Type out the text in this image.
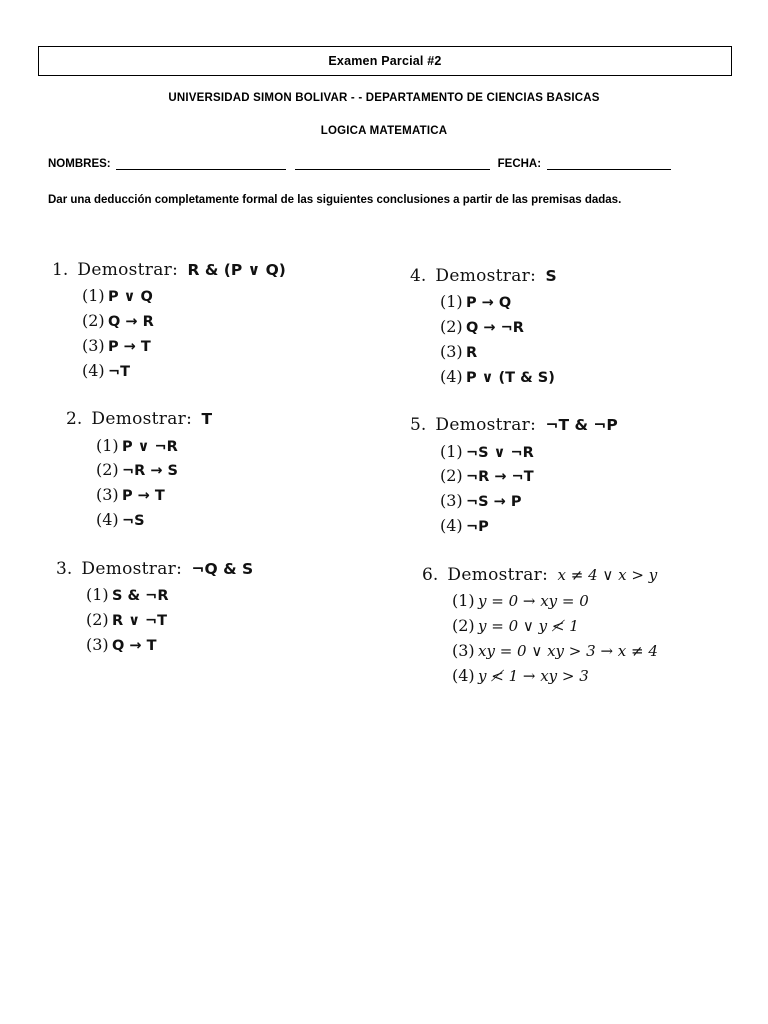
Examen Parcial #2
UNIVERSIDAD SIMON BOLIVAR - - DEPARTAMENTO DE CIENCIAS BASICAS
LOGICA MATEMATICA
NOMBRES:	FECHA:
Dar una deducción completamente formal de las siguientes conclusiones a partir de las premisas dadas.
1. Demostrar: R & (P ∨ Q)
(1) P ∨ Q
(2) Q → R
(3) P → T
(4) ¬T
2. Demostrar: T
(1) P ∨ ¬R
(2) ¬R → S
(3) P → T
(4) ¬S
3. Demostrar: ¬Q & S
(1) S & ¬R
(2) R ∨ ¬T
(3) Q → T
4. Demostrar: S
(1) P → Q
(2) Q → ¬R
(3) R
(4) P ∨ (T & S)
5. Demostrar: ¬T & ¬P
(1) ¬S ∨ ¬R
(2) ¬R → ¬T
(3) ¬S → P
(4) ¬P
6. Demostrar: x ≠ 4 ∨ x > y
(1) y = 0 → xy = 0
(2) y = 0 ∨ y ≮ 1
(3) xy = 0 ∨ xy > 3 → x ≠ 4
(4) y ≮ 1 → xy > 3
